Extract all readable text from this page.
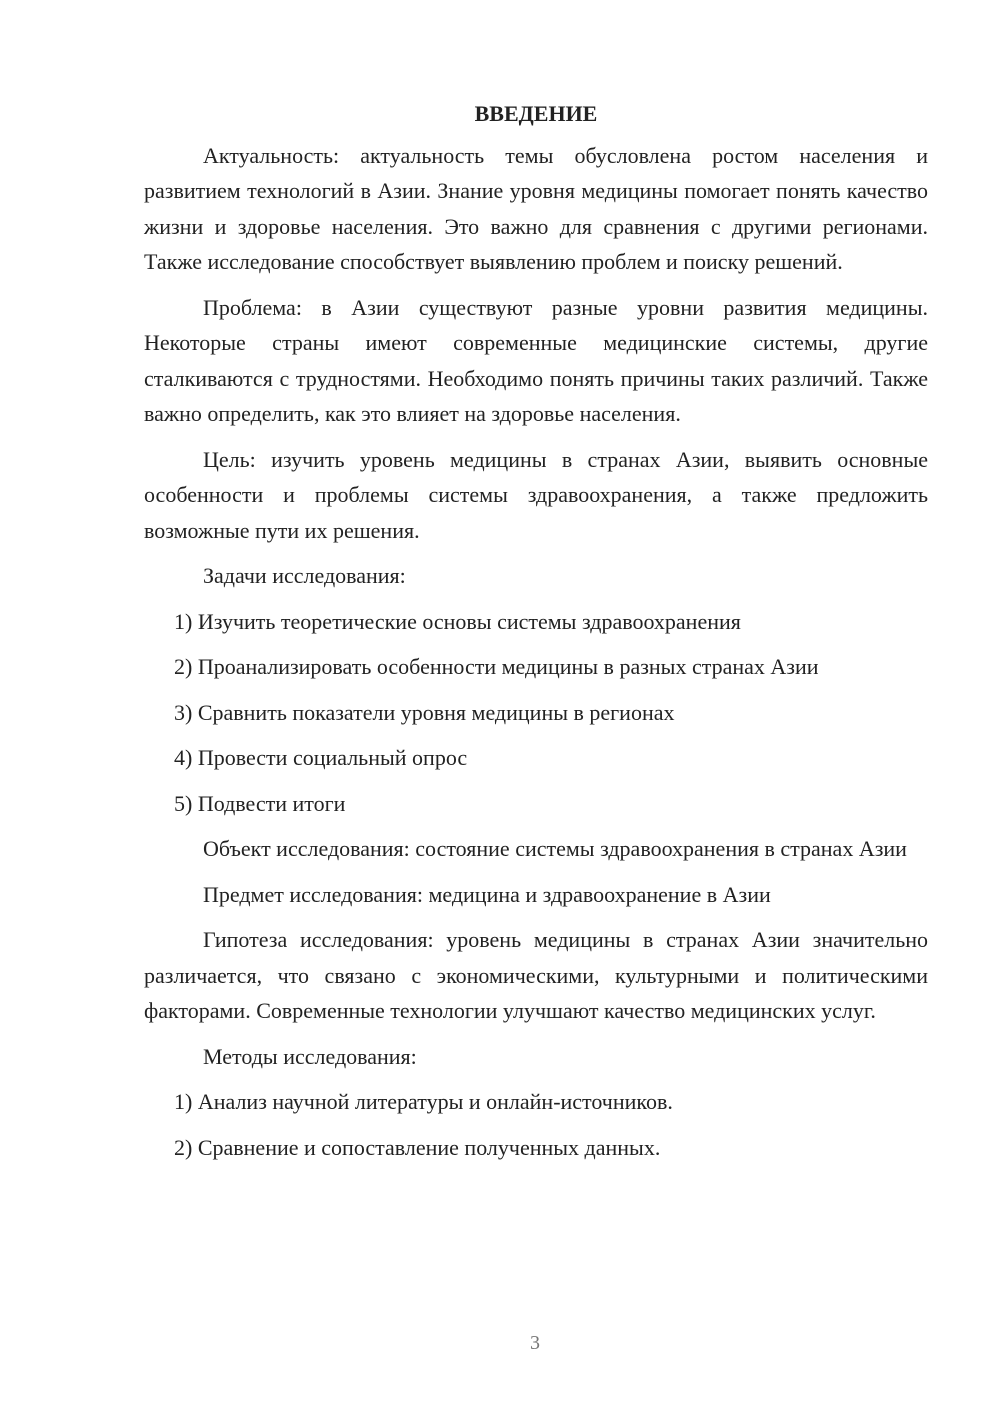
ВВЕДЕНИЕ

Актуальность: актуальность темы обусловлена ростом населения и развитием технологий в Азии. Знание уровня медицины помогает понять качество жизни и здоровье населения. Это важно для сравнения с другими регионами. Также исследование способствует выявлению проблем и поиску решений.

Проблема: в Азии существуют разные уровни развития медицины. Некоторые страны имеют современные медицинские системы, другие сталкиваются с трудностями. Необходимо понять причины таких различий. Также важно определить, как это влияет на здоровье населения.

Цель: изучить уровень медицины в странах Азии, выявить основные особенности и проблемы системы здравоохранения, а также предложить возможные пути их решения.

Задачи исследования:

1) Изучить теоретические основы системы здравоохранения
2) Проанализировать особенности медицины в разных странах Азии
3) Сравнить показатели уровня медицины в регионах
4) Провести социальный опрос
5) Подвести итоги

Объект исследования: состояние системы здравоохранения в странах Азии

Предмет исследования: медицина и здравоохранение в Азии

Гипотеза исследования: уровень медицины в странах Азии значительно различается, что связано с экономическими, культурными и политическими факторами. Современные технологии улучшают качество медицинских услуг.

Методы исследования:

1) Анализ научной литературы и онлайн-источников.
2) Сравнение и сопоставление полученных данных.
3
